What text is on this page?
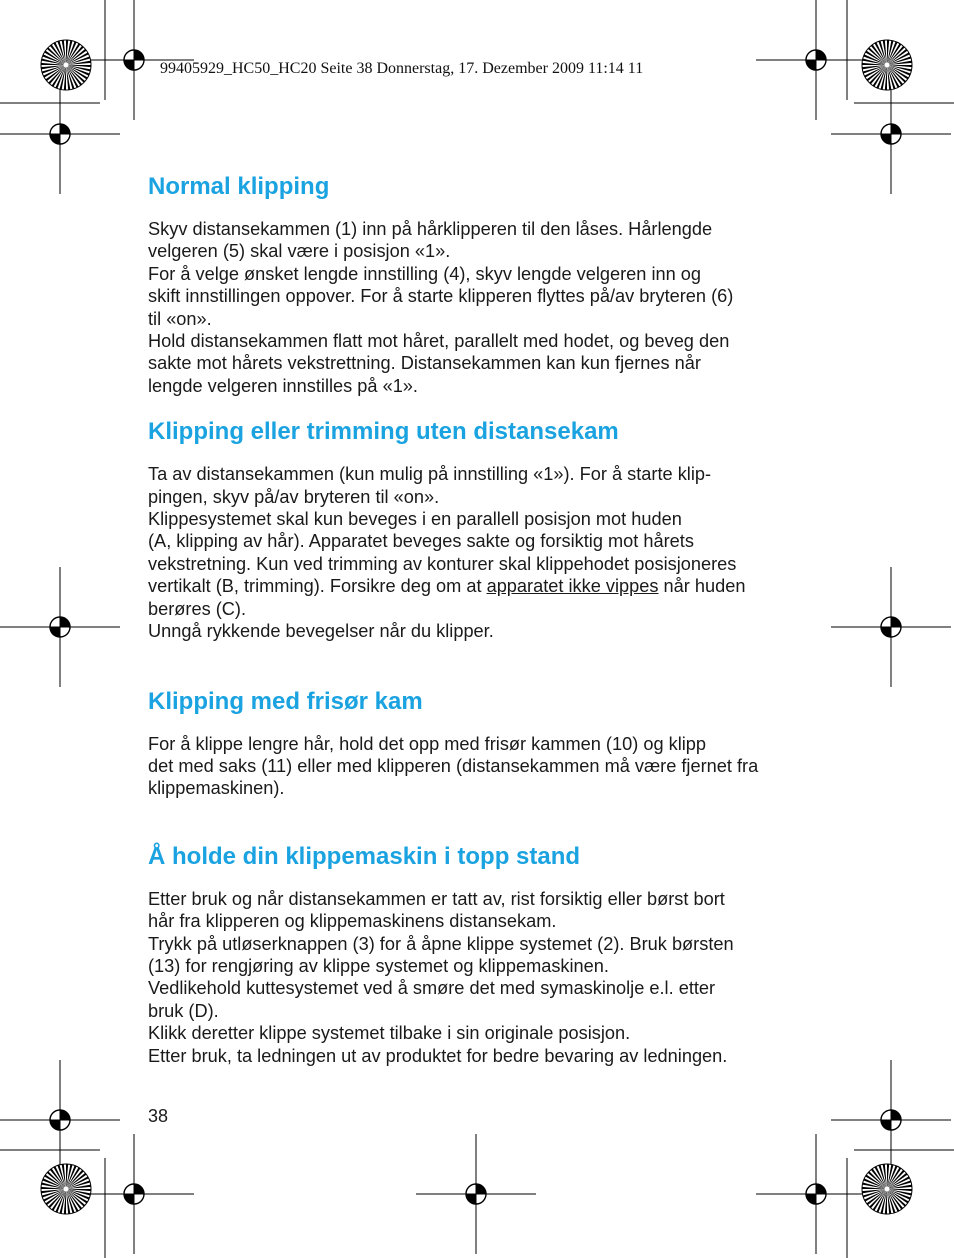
99405929_HC50_HC20 Seite 38 Donnerstag, 17. Dezember 2009 11:14 11
Normal klipping

Skyv distansekammen (1) inn på hårklipperen til den låses. Hårlengde

velgeren (5) skal være i posisjon «1».

For å velge ønsket lengde innstilling (4), skyv lengde velgeren inn og

skift innstillingen oppover. For å starte klipperen flyttes på/av bryteren (6)

til «on».

Hold distansekammen flatt mot håret, parallelt med hodet, og beveg den

sakte mot hårets vekstrettning. Distansekammen kan kun fjernes når

lengde velgeren innstilles på «1».

Klipping eller trimming uten distansekam

Ta av distansekammen (kun mulig på innstilling «1»). For å starte klip-

pingen, skyv på/av bryteren til «on».

Klippesystemet skal kun beveges i en parallell posisjon mot huden

(A, klipping av hår). Apparatet beveges sakte og forsiktig mot hårets

vekstretning. Kun ved trimming av konturer skal klippehodet posisjoneres

vertikalt (B, trimming). Forsikre deg om at apparatet ikke vippes når huden

berøres (C).

Unngå rykkende bevegelser når du klipper.

Klipping med frisør kam

For å klippe lengre hår, hold det opp med frisør kammen (10) og klipp

det med saks (11) eller med klipperen (distansekammen må være fjernet fra

klippemaskinen).

Å holde din klippemaskin i topp stand

Etter bruk og når distansekammen er tatt av, rist forsiktig eller børst bort

hår fra klipperen og klippemaskinens distansekam.

Trykk på utløserknappen (3) for å åpne klippe systemet (2). Bruk børsten

(13) for rengjøring av klippe systemet og klippemaskinen.

Vedlikehold kuttesystemet ved å smøre det med symaskinolje e.l. etter

bruk (D).

Klikk deretter klippe systemet tilbake i sin originale posisjon.

Etter bruk, ta ledningen ut av produktet for bedre bevaring av ledningen.

38
